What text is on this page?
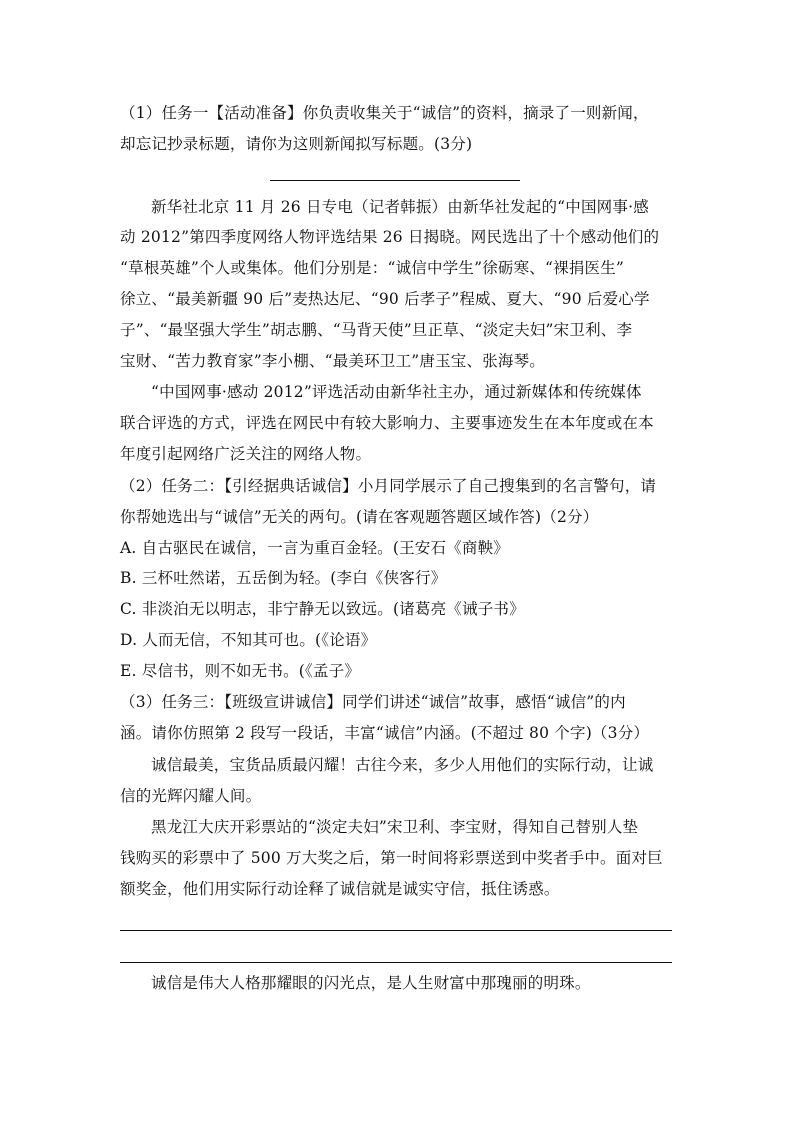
（1）任务一【活动准备】你负责收集关于“诚信”的资料，摘录了一则新闻，
却忘记抄录标题，请你为这则新闻拟写标题。(3分)
新华社北京 11 月 26 日专电（记者韩振）由新华社发起的“中国网事·感
动 2012”第四季度网络人物评选结果 26 日揭晓。网民选出了十个感动他们的
“草根英雄”个人或集体。他们分别是：“诚信中学生”徐砺寒、“裸捐医生”
徐立、“最美新疆 90 后”麦热达尼、“90 后孝子”程威、夏大、“90 后爱心学
子”、“最坚强大学生”胡志鹏、“马背天使”旦正草、“淡定夫妇”宋卫利、李
宝财、“苦力教育家”李小棚、“最美环卫工”唐玉宝、张海琴。
“中国网事·感动 2012”评选活动由新华社主办，通过新媒体和传统媒体
联合评选的方式，评选在网民中有较大影响力、主要事迹发生在本年度或在本
年度引起网络广泛关注的网络人物。
（2）任务二：【引经据典话诚信】小月同学展示了自己搜集到的名言警句，请
你帮她选出与“诚信”无关的两句。(请在客观题答题区域作答)（2分）
A. 自古驱民在诚信，一言为重百金轻。(王安石《商鞅》
B. 三杯吐然诺，五岳倒为轻。(李白《侠客行》
C. 非淡泊无以明志，非宁静无以致远。(诸葛亮《诫子书》
D. 人而无信，不知其可也。(《论语》
E. 尽信书，则不如无书。(《孟子》
（3）任务三：【班级宣讲诚信】同学们讲述“诚信”故事，感悟“诚信”的内
涵。请你仿照第 2 段写一段话，丰富“诚信”内涵。(不超过 80 个字)（3分）
诚信最美，宝货品质最闪耀！古往今来，多少人用他们的实际行动，让诚
信的光辉闪耀人间。
黑龙江大庆开彩票站的“淡定夫妇”宋卫利、李宝财，得知自己替别人垫
钱购买的彩票中了 500 万大奖之后，第一时间将彩票送到中奖者手中。面对巨
额奖金，他们用实际行动诠释了诚信就是诚实守信，抵住诱惑。
诚信是伟大人格那耀眼的闪光点，是人生财富中那瑰丽的明珠。
